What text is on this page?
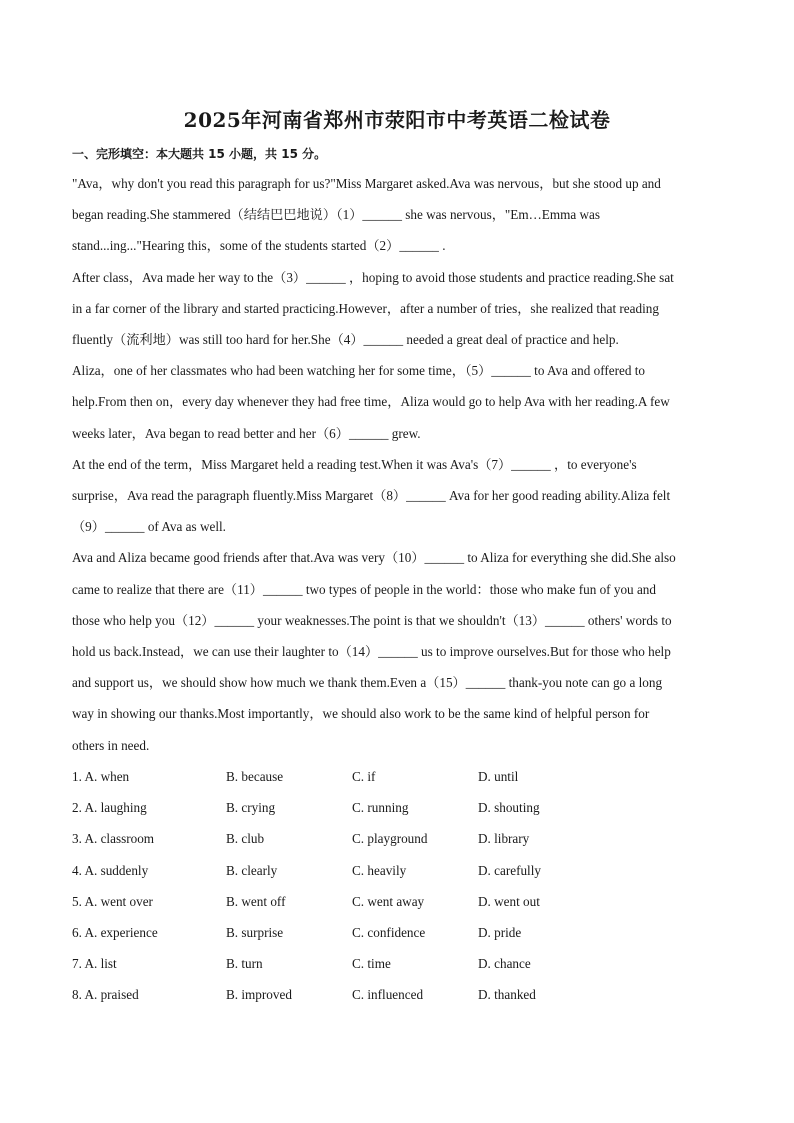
2025年河南省郑州市荥阳市中考英语二检试卷
一、完形填空：本大题共 15 小题，共 15 分。
"Ava，why don't you read this paragraph for us?"Miss Margaret asked.Ava was nervous，but she stood up and
began reading.She stammered（结结巴巴地说）（1）______ she was nervous，"Em…Emma was
stand...ing..."Hearing this，some of the students started（2）______ .
After class，Ava made her way to the（3）______ ，hoping to avoid those students and practice reading.She sat
in a far corner of the library and started practicing.However，after a number of tries，she realized that reading
fluently（流利地）was still too hard for her.She（4）______ needed a great deal of practice and help.
Aliza，one of her classmates who had been watching her for some time，（5）______ to Ava and offered to
help.From then on，every day whenever they had free time，Aliza would go to help Ava with her reading.A few
weeks later，Ava began to read better and her（6）______ grew.
At the end of the term，Miss Margaret held a reading test.When it was Ava's（7）______ ，to everyone's
surprise，Ava read the paragraph fluently.Miss Margaret（8）______ Ava for her good reading ability.Aliza felt
（9）______ of Ava as well.
Ava and Aliza became good friends after that.Ava was very（10）______ to Aliza for everything she did.She also
came to realize that there are（11）______ two types of people in the world：those who make fun of you and
those who help you（12）______ your weaknesses.The point is that we shouldn't（13）______ others' words to
hold us back.Instead，we can use their laughter to（14）______ us to improve ourselves.But for those who help
and support us，we should show how much we thank them.Even a（15）______ thank-you note can go a long
way in showing our thanks.Most importantly，we should also work to be the same kind of helpful person for
others in need.
1. A. when	B. because	C. if	D. until
2. A. laughing	B. crying	C. running	D. shouting
3. A. classroom	B. club	C. playground	D. library
4. A. suddenly	B. clearly	C. heavily	D. carefully
5. A. went over	B. went off	C. went away	D. went out
6. A. experience	B. surprise	C. confidence	D. pride
7. A. list	B. turn	C. time	D. chance
8. A. praised	B. improved	C. influenced	D. thanked
